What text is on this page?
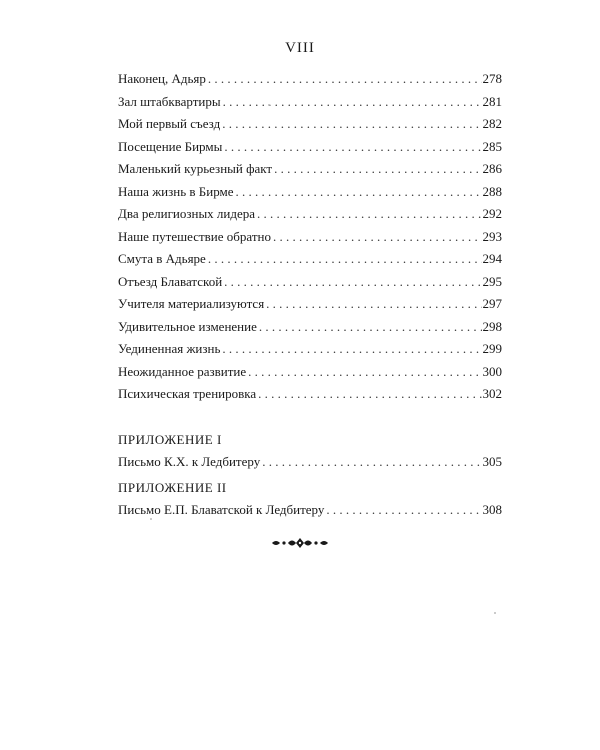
VIII
Наконец, Адьяр . . .	278
Зал штабквартиры . . .	281
Мой первый съезд . . .	282
Посещение Бирмы . . .	285
Маленький курьезный факт . . .	286
Наша жизнь в Бирме . . .	288
Два религиозных лидера . . .	292
Наше путешествие обратно . . .	293
Смута в Адьяре . . .	294
Отъезд Блаватской . . .	295
Учителя материализуются . . .	297
Удивительное изменение . . .	298
Уединенная жизнь . . .	299
Неожиданное развитие . . .	300
Психическая тренировка . . .	302
ПРИЛОЖЕНИЕ I
Письмо К.Х. к Ледбитеру . . .	305
ПРИЛОЖЕНИЕ II
Письмо Е.П. Блаватской к Ледбитеру . . .	308
